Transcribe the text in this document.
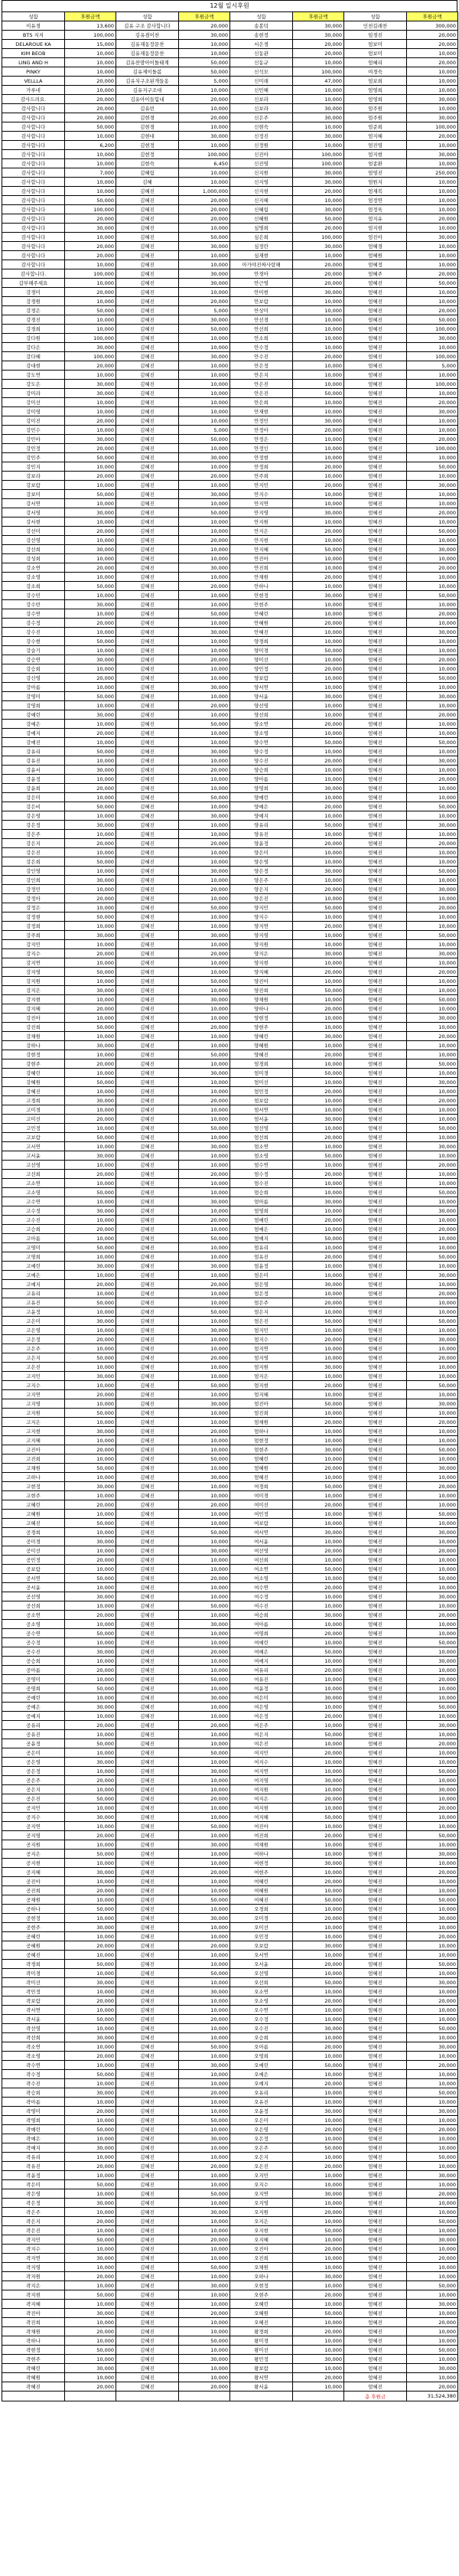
12월 일시후원
성함	후원금액	성함	후원금액	성함	후원금액	성함	후원금액
이유경	13,600	김유 구조 감사합니다	20,000	송봉덕	30,000	인천길래찬	300,000
BTS 지지	100,000	김유겸이찬	30,000	송현정	30,000	임경진	20,000
DELAROUE KA	15,000	김유재동장문찬	10,000	서은경	20,000	엄보미	20,000
KIM BEOB	10,000	김유재동장문찬	10,000	신동관	20,000	엄보미	10,000
LING AND H	10,000	김유찬맘아이돌태계	50,000	신동규	10,000	엄혜리	20,000
PINKY	10,000	김유제이돌봄	50,000	신석모	100,000	여경숙	10,000
VELLLA	20,000	김유치구조된개들옹	5,000	신미래	47,000	엄보희	10,000
가루네	10,000	김유지구조대	10,000	신민혜	10,000	엄영희	10,000
감사드려요.	20,000	김유아이들힘내	20,000	신보라	10,000	엄영희	30,000
감사합니다	20,000	김유빈	10,000	신보라	30,000	엄주원	10,000
감사합니다	20,000	김현경	20,000	신은주	30,000	엄주원	30,000
감사합니다	50,000	김현경	10,000	신현숙	10,000	엄준희	100,000
감사합니다	10,000	김현대	30,000	신정진	30,000	엄지혜	20,000
감사합니다	6,200	김현정	10,000	신정원	10,000	엄진영	10,000
감사합니다	10,000	김현정	100,000	신진아	100,000	엄지현	30,000
감사합니다	10,000	김현숙	6,450	신진영	100,000	엄종환	10,000
감사합니다	7,000	김혜림	10,000	신지원	30,000	엄영진	250,000
감사합니다	10,000	김혜	10,000	신지영	30,000	엄원지	10,000
감사합니다	10,000	김혜진	1,000,000	신지현	20,000	엄재복	10,000
감사합니다	50,000	김혜진	20,000	신지혜	10,000	엄정연	10,000
감사합니다	100,000	김혜진	20,000	신혜림	30,000	엄정욱	10,000
감사합니다	20,000	김혜진	20,000	신혜원	50,000	엄지유	20,000
감사합니다	30,000	김혜진	10,000	심명희	20,000	엄지현	10,000
감사합니다	10,000	김혜진	50,000	심은희	100,000	엄진아	30,000
감사합니다	20,000	김혜진	30,000	심정란	30,000	엄혜경	10,000
감사합니다	20,000	김혜진	10,000	심재현	10,000	엄혜원	10,000
감사합니다	10,000	김혜진	10,000	아가야진짜사랑해	20,000	엄혜정	10,000
감사합니다.	100,000	김혜진	30,000	안경아	20,000	엄혜주	20,000
갑부해주세요	10,000	김혜진	30,000	안근영	20,000	엄혜진	50,000
강경미	20,000	김혜진	10,000	안미현	30,000	엄혜진	10,000
강경원	10,000	김혜진	20,000	안보람	10,000	엄혜진	10,000
강경은	50,000	김혜진	5,000	안상미	10,000	엄혜진	20,000
강경진	10,000	김혜진	30,000	안선경	10,000	엄혜진	50,000
강경희	10,000	김혜진	50,000	안선희	10,000	엄혜진	100,000
강다원	100,000	김혜진	10,000	안소희	10,000	엄혜진	30,000
강다은	30,000	김혜진	10,000	안수정	10,000	엄혜진	10,000
강다혜	100,000	김혜진	30,000	안수진	20,000	엄혜진	100,000
강대현	20,000	김혜진	10,000	안은정	10,000	엄혜진	5,000
강도연	10,000	김혜진	10,000	안은지	10,000	엄혜진	10,000
강도은	30,000	김혜진	10,000	안은진	10,000	엄혜진	100,000
강미라	30,000	김혜진	10,000	안은진	50,000	엄혜진	10,000
강미선	10,000	김혜진	10,000	안은희	10,000	엄혜진	20,000
강미영	10,000	김혜진	10,000	안재현	10,000	엄혜진	30,000
강미진	20,000	김혜진	10,000	안정민	30,000	엄혜진	10,000
강민수	10,000	김혜진	5,000	안정아	20,000	엄혜진	10,000
강민아	30,000	김혜진	50,000	안정은	10,000	엄혜진	20,000
강민정	20,000	김혜진	10,000	안정인	10,000	엄혜진	100,000
강민주	50,000	김혜진	30,000	안정현	10,000	엄혜진	10,000
강민지	10,000	김혜진	10,000	안정희	20,000	엄혜진	50,000
강보라	20,000	김혜진	20,000	안주희	10,000	엄혜진	10,000
강보람	10,000	김혜진	10,000	안지민	20,000	엄혜진	30,000
강보미	50,000	김혜진	30,000	안지수	10,000	엄혜진	10,000
강서연	10,000	김혜진	10,000	안지연	10,000	엄혜진	10,000
강서영	30,000	김혜진	50,000	안지영	30,000	엄혜진	20,000
강서현	10,000	김혜진	10,000	안지원	10,000	엄혜진	10,000
강선미	20,000	김혜진	10,000	안지은	20,000	엄혜진	50,000
강선영	10,000	김혜진	20,000	안지현	10,000	엄혜진	10,000
강선희	30,000	김혜진	10,000	안지혜	50,000	엄혜진	30,000
강성희	10,000	김혜진	10,000	안진아	10,000	엄혜진	10,000
강소연	20,000	김혜진	30,000	안진희	10,000	엄혜진	20,000
강소영	10,000	김혜진	10,000	안채원	20,000	엄혜진	10,000
강소희	50,000	김혜진	20,000	안하나	10,000	엄혜진	10,000
강수민	10,000	김혜진	10,000	안현정	30,000	엄혜진	50,000
강수빈	30,000	김혜진	10,000	안현주	10,000	엄혜진	10,000
강수연	10,000	김혜진	50,000	안혜린	10,000	엄혜진	20,000
강수정	20,000	김혜진	10,000	안혜원	20,000	엄혜진	10,000
강수진	10,000	김혜진	30,000	안혜진	10,000	엄혜진	30,000
강수현	50,000	김혜진	10,000	양경희	10,000	엄혜진	10,000
강슬기	10,000	김혜진	10,000	양미경	50,000	엄혜진	10,000
강승연	30,000	김혜진	20,000	양미선	10,000	엄혜진	20,000
강승희	10,000	김혜진	10,000	양민정	20,000	엄혜진	10,000
강신영	20,000	김혜진	10,000	양보람	10,000	엄혜진	50,000
강아름	10,000	김혜진	30,000	양서연	10,000	엄혜진	10,000
강영미	50,000	김혜진	10,000	양서윤	30,000	엄혜진	30,000
강영희	10,000	김혜진	20,000	양선영	10,000	엄혜진	10,000
강예린	30,000	김혜진	10,000	양선희	10,000	엄혜진	20,000
강예은	10,000	김혜진	50,000	양소연	20,000	엄혜진	10,000
강예지	20,000	김혜진	10,000	양소영	10,000	엄혜진	10,000
강예진	10,000	김혜진	10,000	양수연	50,000	엄혜진	50,000
강유리	50,000	김혜진	30,000	양수정	10,000	엄혜진	10,000
강유진	10,000	김혜진	10,000	양수진	20,000	엄혜진	30,000
강윤서	30,000	김혜진	20,000	양승희	10,000	엄혜진	10,000
강윤정	10,000	김혜진	10,000	양아름	10,000	엄혜진	20,000
강윤희	20,000	김혜진	10,000	양영희	30,000	엄혜진	10,000
강은미	10,000	김혜진	50,000	양예린	10,000	엄혜진	10,000
강은비	50,000	김혜진	10,000	양예은	20,000	엄혜진	50,000
강은영	10,000	김혜진	30,000	양예지	10,000	엄혜진	10,000
강은정	30,000	김혜진	10,000	양유리	50,000	엄혜진	30,000
강은주	10,000	김혜진	10,000	양유진	10,000	엄혜진	10,000
강은지	20,000	김혜진	20,000	양윤정	20,000	엄혜진	20,000
강은진	10,000	김혜진	10,000	양은미	10,000	엄혜진	10,000
강은희	50,000	김혜진	10,000	양은영	10,000	엄혜진	10,000
강인영	10,000	김혜진	30,000	양은정	30,000	엄혜진	50,000
강인희	30,000	김혜진	10,000	양은주	10,000	엄혜진	10,000
강정민	10,000	김혜진	20,000	양은지	20,000	엄혜진	30,000
강정아	20,000	김혜진	10,000	양은진	10,000	엄혜진	10,000
강정은	10,000	김혜진	50,000	양지민	50,000	엄혜진	20,000
강정현	50,000	김혜진	10,000	양지수	10,000	엄혜진	10,000
강정희	10,000	김혜진	10,000	양지연	20,000	엄혜진	10,000
강주희	30,000	김혜진	30,000	양지영	10,000	엄혜진	50,000
강지민	10,000	김혜진	10,000	양지원	10,000	엄혜진	10,000
강지수	20,000	김혜진	20,000	양지은	30,000	엄혜진	30,000
강지연	10,000	김혜진	10,000	양지현	10,000	엄혜진	10,000
강지영	50,000	김혜진	10,000	양지혜	20,000	엄혜진	20,000
강지원	10,000	김혜진	50,000	양진아	10,000	엄혜진	10,000
강지은	30,000	김혜진	10,000	양진희	50,000	엄혜진	10,000
강지현	10,000	김혜진	30,000	양채원	10,000	엄혜진	50,000
강지혜	20,000	김혜진	10,000	양하나	20,000	엄혜진	10,000
강진아	10,000	김혜진	10,000	양현정	10,000	엄혜진	30,000
강진희	50,000	김혜진	20,000	양현주	10,000	엄혜진	10,000
강채원	10,000	김혜진	10,000	양혜린	30,000	엄혜진	20,000
강하나	30,000	김혜진	10,000	양혜원	10,000	엄혜진	10,000
강현정	10,000	김혜진	50,000	양혜진	20,000	엄혜진	10,000
강현주	20,000	김혜진	10,000	엄경희	10,000	엄혜진	50,000
강혜린	10,000	김혜진	30,000	엄미경	50,000	엄혜진	10,000
강혜원	50,000	김혜진	10,000	엄미선	10,000	엄혜진	30,000
강혜진	10,000	김혜진	10,000	엄민정	20,000	엄혜진	10,000
고경희	30,000	김혜진	20,000	엄보람	10,000	엄혜진	20,000
고미경	10,000	김혜진	10,000	엄서연	10,000	엄혜진	10,000
고미선	20,000	김혜진	10,000	엄서윤	30,000	엄혜진	10,000
고민정	10,000	김혜진	50,000	엄선영	10,000	엄혜진	50,000
고보람	50,000	김혜진	10,000	엄선희	20,000	엄혜진	10,000
고서연	10,000	김혜진	30,000	엄소연	10,000	엄혜진	30,000
고서윤	30,000	김혜진	10,000	엄소영	50,000	엄혜진	10,000
고선영	10,000	김혜진	10,000	엄수연	10,000	엄혜진	20,000
고선희	20,000	김혜진	20,000	엄수정	20,000	엄혜진	10,000
고소연	10,000	김혜진	10,000	엄수진	10,000	엄혜진	10,000
고소영	50,000	김혜진	10,000	엄승희	10,000	엄혜진	50,000
고수연	10,000	김혜진	30,000	엄아름	30,000	엄혜진	10,000
고수정	30,000	김혜진	10,000	엄영희	10,000	엄혜진	30,000
고수진	10,000	김혜진	20,000	엄예린	20,000	엄혜진	10,000
고승희	20,000	김혜진	10,000	엄예은	10,000	엄혜진	20,000
고아름	10,000	김혜진	50,000	엄예지	50,000	엄혜진	10,000
고영미	50,000	김혜진	10,000	엄유리	10,000	엄혜진	10,000
고영희	10,000	김혜진	10,000	엄유진	20,000	엄혜진	50,000
고예린	30,000	김혜진	30,000	엄윤정	10,000	엄혜진	10,000
고예은	10,000	김혜진	10,000	엄은미	10,000	엄혜진	30,000
고예지	20,000	김혜진	20,000	엄은영	30,000	엄혜진	10,000
고유리	10,000	김혜진	10,000	엄은정	10,000	엄혜진	20,000
고유진	50,000	김혜진	10,000	엄은주	20,000	엄혜진	10,000
고윤정	10,000	김혜진	50,000	엄은지	10,000	엄혜진	10,000
고은미	30,000	김혜진	10,000	엄은진	50,000	엄혜진	50,000
고은영	10,000	김혜진	30,000	엄지민	10,000	엄혜진	10,000
고은정	20,000	김혜진	10,000	엄지수	20,000	엄혜진	30,000
고은주	10,000	김혜진	10,000	엄지연	10,000	엄혜진	10,000
고은지	50,000	김혜진	20,000	엄지영	10,000	엄혜진	20,000
고은진	10,000	김혜진	10,000	엄지원	30,000	엄혜진	10,000
고지민	30,000	김혜진	10,000	엄지은	10,000	엄혜진	10,000
고지수	10,000	김혜진	50,000	엄지현	20,000	엄혜진	50,000
고지연	20,000	김혜진	10,000	엄지혜	10,000	엄혜진	10,000
고지영	10,000	김혜진	30,000	엄진아	50,000	엄혜진	30,000
고지원	50,000	김혜진	10,000	엄진희	10,000	엄혜진	10,000
고지은	10,000	김혜진	10,000	엄채원	20,000	엄혜진	20,000
고지현	30,000	김혜진	20,000	엄하나	10,000	엄혜진	10,000
고지혜	10,000	김혜진	10,000	엄현정	10,000	엄혜진	10,000
고진아	20,000	김혜진	10,000	엄현주	30,000	엄혜진	50,000
고진희	10,000	김혜진	50,000	엄혜린	10,000	엄혜진	10,000
고채원	50,000	김혜진	10,000	엄혜원	20,000	엄혜진	30,000
고하나	10,000	김혜진	30,000	엄혜진	10,000	엄혜진	10,000
고현정	30,000	김혜진	10,000	여경희	50,000	엄혜진	20,000
고현주	10,000	김혜진	10,000	여미경	10,000	엄혜진	10,000
고혜린	20,000	김혜진	20,000	여미선	20,000	엄혜진	10,000
고혜원	10,000	김혜진	10,000	여민정	10,000	엄혜진	50,000
고혜진	50,000	김혜진	10,000	여보람	10,000	엄혜진	10,000
공경희	10,000	김혜진	50,000	여서연	30,000	엄혜진	30,000
공미경	30,000	김혜진	10,000	여서윤	10,000	엄혜진	10,000
공미선	10,000	김혜진	30,000	여선영	20,000	엄혜진	20,000
공민정	20,000	김혜진	10,000	여선희	10,000	엄혜진	10,000
공보람	10,000	김혜진	10,000	여소연	50,000	엄혜진	10,000
공서연	50,000	김혜진	20,000	여소영	10,000	엄혜진	50,000
공서윤	10,000	김혜진	10,000	여수연	20,000	엄혜진	10,000
공선영	30,000	김혜진	10,000	여수정	10,000	엄혜진	30,000
공선희	10,000	김혜진	50,000	여수진	10,000	엄혜진	10,000
공소연	20,000	김혜진	10,000	여승희	30,000	엄혜진	20,000
공소영	10,000	김혜진	30,000	여아름	10,000	엄혜진	10,000
공수연	50,000	김혜진	10,000	여영희	20,000	엄혜진	10,000
공수정	10,000	김혜진	10,000	여예린	10,000	엄혜진	50,000
공수진	30,000	김혜진	20,000	여예은	50,000	엄혜진	10,000
공승희	10,000	김혜진	10,000	여예지	10,000	엄혜진	30,000
공아름	20,000	김혜진	10,000	여유리	20,000	엄혜진	10,000
공영미	10,000	김혜진	50,000	여유진	10,000	엄혜진	20,000
공영희	50,000	김혜진	10,000	여윤정	10,000	엄혜진	10,000
공예린	10,000	김혜진	30,000	여은미	30,000	엄혜진	10,000
공예은	30,000	김혜진	10,000	여은영	10,000	엄혜진	50,000
공예지	10,000	김혜진	10,000	여은정	20,000	엄혜진	10,000
공유리	20,000	김혜진	20,000	여은주	10,000	엄혜진	30,000
공유진	10,000	김혜진	10,000	여은지	50,000	엄혜진	10,000
공윤정	50,000	김혜진	10,000	여은진	10,000	엄혜진	20,000
공은미	10,000	김혜진	50,000	여지민	20,000	엄혜진	10,000
공은영	30,000	김혜진	10,000	여지수	10,000	엄혜진	10,000
공은정	10,000	김혜진	30,000	여지연	10,000	엄혜진	50,000
공은주	20,000	김혜진	10,000	여지영	30,000	엄혜진	10,000
공은지	10,000	김혜진	10,000	여지원	10,000	엄혜진	30,000
공은진	50,000	김혜진	20,000	여지은	20,000	엄혜진	10,000
공지민	10,000	김혜진	10,000	여지현	10,000	엄혜진	20,000
공지수	30,000	김혜진	10,000	여지혜	50,000	엄혜진	10,000
공지연	10,000	김혜진	50,000	여진아	10,000	엄혜진	10,000
공지영	20,000	김혜진	10,000	여진희	20,000	엄혜진	50,000
공지원	10,000	김혜진	30,000	여채원	10,000	엄혜진	10,000
공지은	50,000	김혜진	10,000	여하나	10,000	엄혜진	30,000
공지현	10,000	김혜진	10,000	여현정	30,000	엄혜진	10,000
공지혜	30,000	김혜진	20,000	여현주	10,000	엄혜진	20,000
공진아	10,000	김혜진	10,000	여혜린	20,000	엄혜진	10,000
공진희	20,000	김혜진	10,000	여혜원	10,000	엄혜진	10,000
공채원	10,000	김혜진	50,000	여혜진	50,000	엄혜진	50,000
공하나	50,000	김혜진	10,000	오경희	10,000	엄혜진	10,000
공현정	10,000	김혜진	30,000	오미경	20,000	엄혜진	30,000
공현주	30,000	김혜진	10,000	오미선	10,000	엄혜진	10,000
공혜린	10,000	김혜진	10,000	오민정	10,000	엄혜진	20,000
공혜원	20,000	김혜진	20,000	오보람	30,000	엄혜진	10,000
공혜진	10,000	김혜진	10,000	오서연	10,000	엄혜진	10,000
곽경희	50,000	김혜진	10,000	오서윤	20,000	엄혜진	50,000
곽미경	10,000	김혜진	50,000	오선영	10,000	엄혜진	10,000
곽미선	30,000	김혜진	10,000	오선희	50,000	엄혜진	30,000
곽민정	10,000	김혜진	30,000	오소연	10,000	엄혜진	10,000
곽보람	20,000	김혜진	10,000	오소영	20,000	엄혜진	20,000
곽서연	10,000	김혜진	10,000	오수연	10,000	엄혜진	10,000
곽서윤	50,000	김혜진	20,000	오수정	10,000	엄혜진	10,000
곽선영	10,000	김혜진	10,000	오수진	30,000	엄혜진	50,000
곽선희	30,000	김혜진	10,000	오승희	10,000	엄혜진	10,000
곽소연	10,000	김혜진	50,000	오아름	20,000	엄혜진	30,000
곽소영	20,000	김혜진	10,000	오영희	10,000	엄혜진	10,000
곽수연	10,000	김혜진	30,000	오예린	50,000	엄혜진	20,000
곽수정	50,000	김혜진	10,000	오예은	10,000	엄혜진	10,000
곽수진	10,000	김혜진	10,000	오예지	20,000	엄혜진	10,000
곽승희	30,000	김혜진	20,000	오유리	10,000	엄혜진	50,000
곽아름	10,000	김혜진	10,000	오유진	10,000	엄혜진	10,000
곽영미	20,000	김혜진	10,000	오윤정	30,000	엄혜진	30,000
곽영희	10,000	김혜진	50,000	오은미	10,000	엄혜진	10,000
곽예린	50,000	김혜진	10,000	오은영	20,000	엄혜진	20,000
곽예은	10,000	김혜진	30,000	오은정	10,000	엄혜진	10,000
곽예지	30,000	김혜진	10,000	오은주	50,000	엄혜진	10,000
곽유리	10,000	김혜진	10,000	오은지	10,000	엄혜진	50,000
곽유진	20,000	김혜진	20,000	오은진	20,000	엄혜진	10,000
곽윤정	10,000	김혜진	10,000	오지민	10,000	엄혜진	30,000
곽은미	50,000	김혜진	10,000	오지수	10,000	엄혜진	10,000
곽은영	10,000	김혜진	50,000	오지연	30,000	엄혜진	20,000
곽은정	30,000	김혜진	10,000	오지영	10,000	엄혜진	10,000
곽은주	10,000	김혜진	30,000	오지원	20,000	엄혜진	10,000
곽은지	20,000	김혜진	10,000	오지은	10,000	엄혜진	50,000
곽은진	10,000	김혜진	10,000	오지현	50,000	엄혜진	10,000
곽지민	50,000	김혜진	20,000	오지혜	10,000	엄혜진	30,000
곽지수	10,000	김혜진	10,000	오진아	20,000	엄혜진	10,000
곽지연	30,000	김혜진	10,000	오진희	10,000	엄혜진	20,000
곽지영	10,000	김혜진	50,000	오채원	10,000	엄혜진	10,000
곽지원	20,000	김혜진	10,000	오하나	30,000	엄혜진	10,000
곽지은	10,000	김혜진	30,000	오현정	10,000	엄혜진	50,000
곽지현	50,000	김혜진	10,000	오현주	20,000	엄혜진	10,000
곽지혜	10,000	김혜진	10,000	오혜린	10,000	엄혜진	30,000
곽진아	30,000	김혜진	20,000	오혜원	50,000	엄혜진	10,000
곽진희	10,000	김혜진	10,000	오혜진	10,000	엄혜진	20,000
곽채원	20,000	김혜진	10,000	왕경희	20,000	엄혜진	10,000
곽하나	10,000	김혜진	50,000	왕미경	10,000	엄혜진	10,000
곽현정	50,000	김혜진	10,000	왕미선	10,000	엄혜진	50,000
곽현주	10,000	김혜진	30,000	왕민정	30,000	엄혜진	10,000
곽혜린	30,000	김혜진	10,000	왕보람	10,000	엄혜진	30,000
곽혜원	10,000	김혜진	10,000	왕서연	20,000	엄혜진	10,000
곽혜진	20,000	김혜진	20,000	왕서윤	10,000	엄혜진	20,000
						총 후원금	31,524,380
